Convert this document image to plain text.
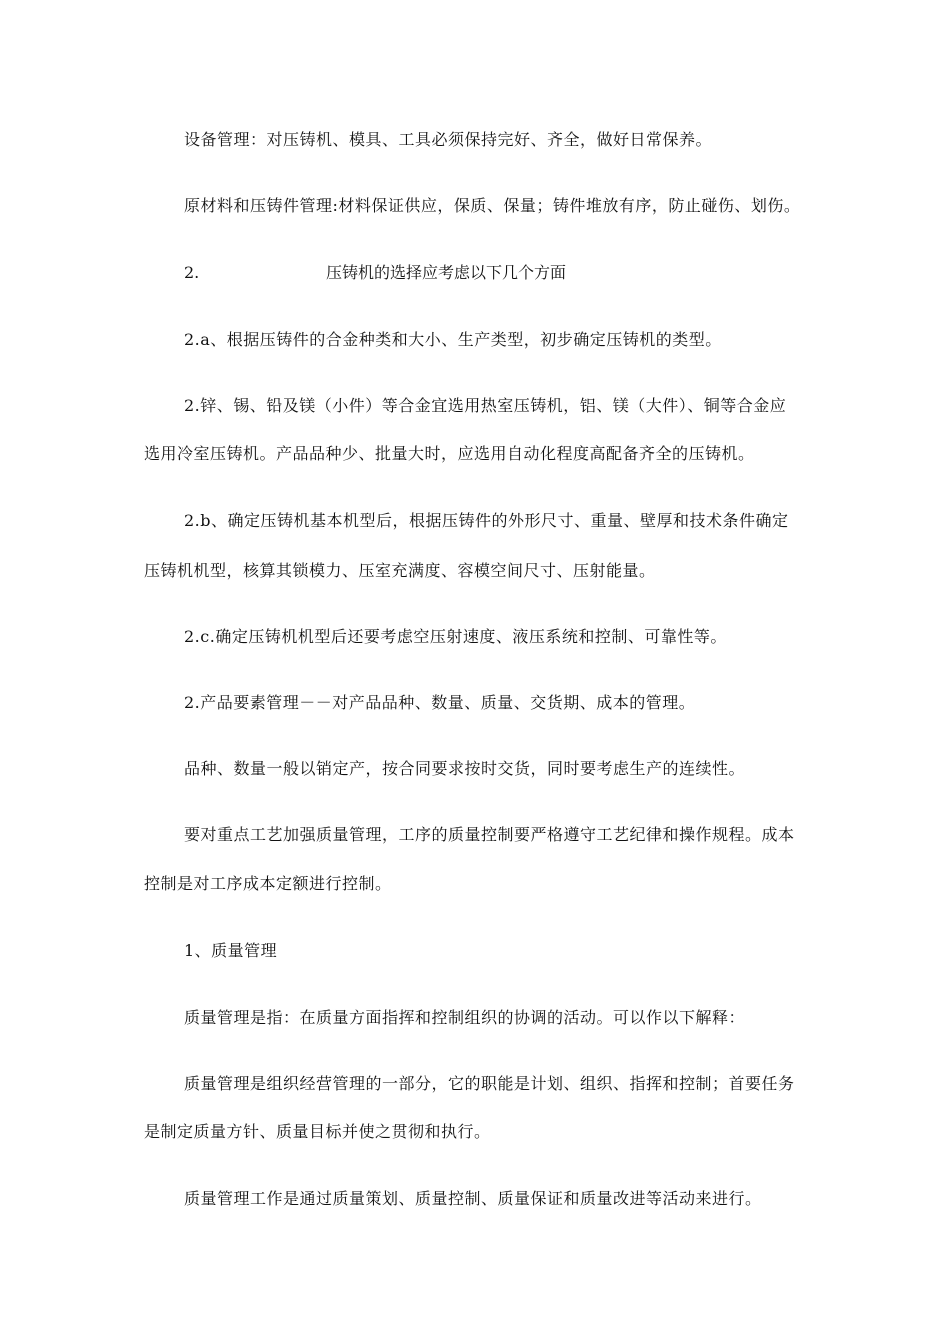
设备管理：对压铸机、模具、工具必须保持完好、齐全，做好日常保养。
原材料和压铸件管理:材料保证供应，保质、保量；铸件堆放有序，防止碰伤、划伤。
2.	压铸机的选择应考虑以下几个方面
2.a、根据压铸件的合金种类和大小、生产类型，初步确定压铸机的类型。
2.锌、锡、铅及镁（小件）等合金宜选用热室压铸机，铝、镁（大件）、铜等合金应
选用冷室压铸机。产品品种少、批量大时，应选用自动化程度高配备齐全的压铸机。
2.b、确定压铸机基本机型后，根据压铸件的外形尺寸、重量、壁厚和技术条件确定
压铸机机型，核算其锁模力、压室充满度、容模空间尺寸、压射能量。
2.c.确定压铸机机型后还要考虑空压射速度、液压系统和控制、可靠性等。
2.产品要素管理－－对产品品种、数量、质量、交货期、成本的管理。
品种、数量一般以销定产，按合同要求按时交货，同时要考虑生产的连续性。
要对重点工艺加强质量管理，工序的质量控制要严格遵守工艺纪律和操作规程。成本
控制是对工序成本定额进行控制。
1、质量管理
质量管理是指：在质量方面指挥和控制组织的协调的活动。可以作以下解释：
质量管理是组织经营管理的一部分，它的职能是计划、组织、指挥和控制；首要任务
是制定质量方针、质量目标并使之贯彻和执行。
质量管理工作是通过质量策划、质量控制、质量保证和质量改进等活动来进行。
